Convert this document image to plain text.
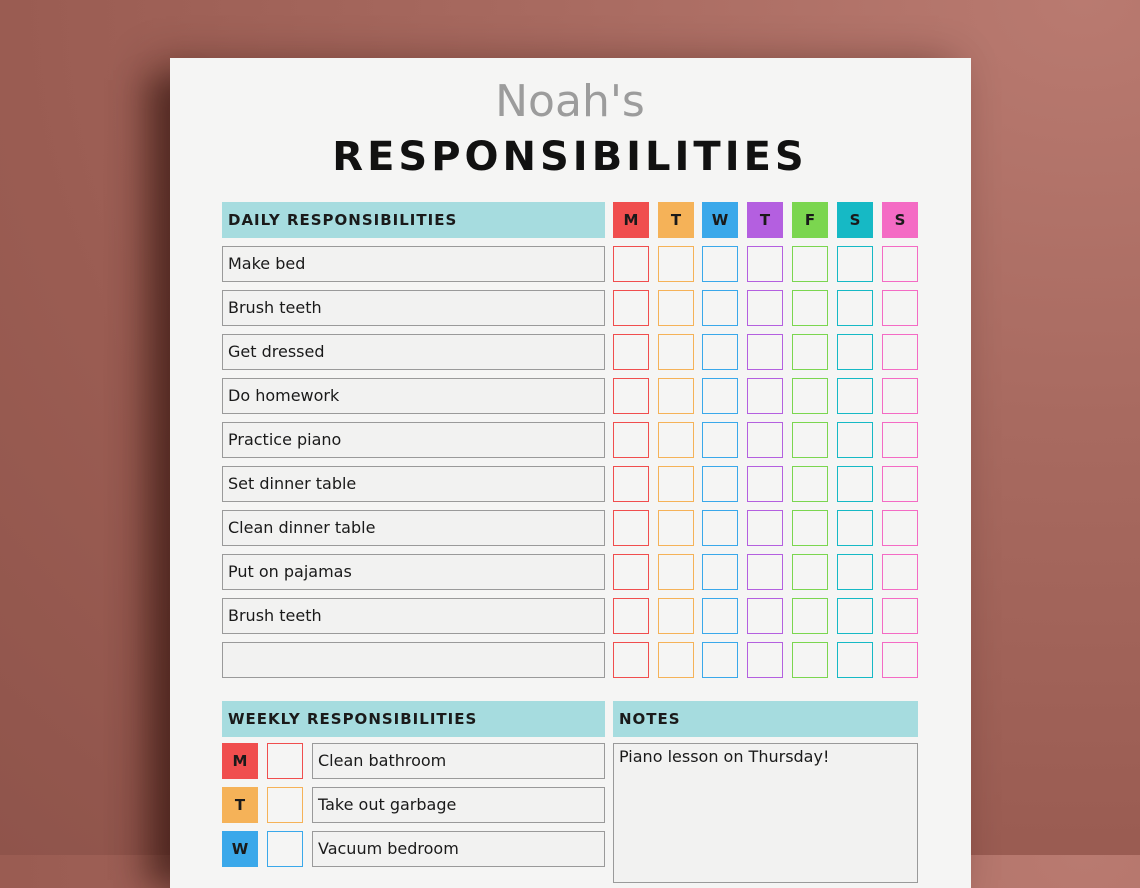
Noah's
RESPONSIBILITIES
DAILY RESPONSIBILITIES	M	T	W	T	F	S	S
Make bed
Brush teeth
Get dressed
Do homework
Practice piano
Set dinner table
Clean dinner table
Put on pajamas
Brush teeth
WEEKLY RESPONSIBILITIES	NOTES
M	Clean bathroom
T	Take out garbage
W	Vacuum bedroom
Piano lesson on Thursday!
